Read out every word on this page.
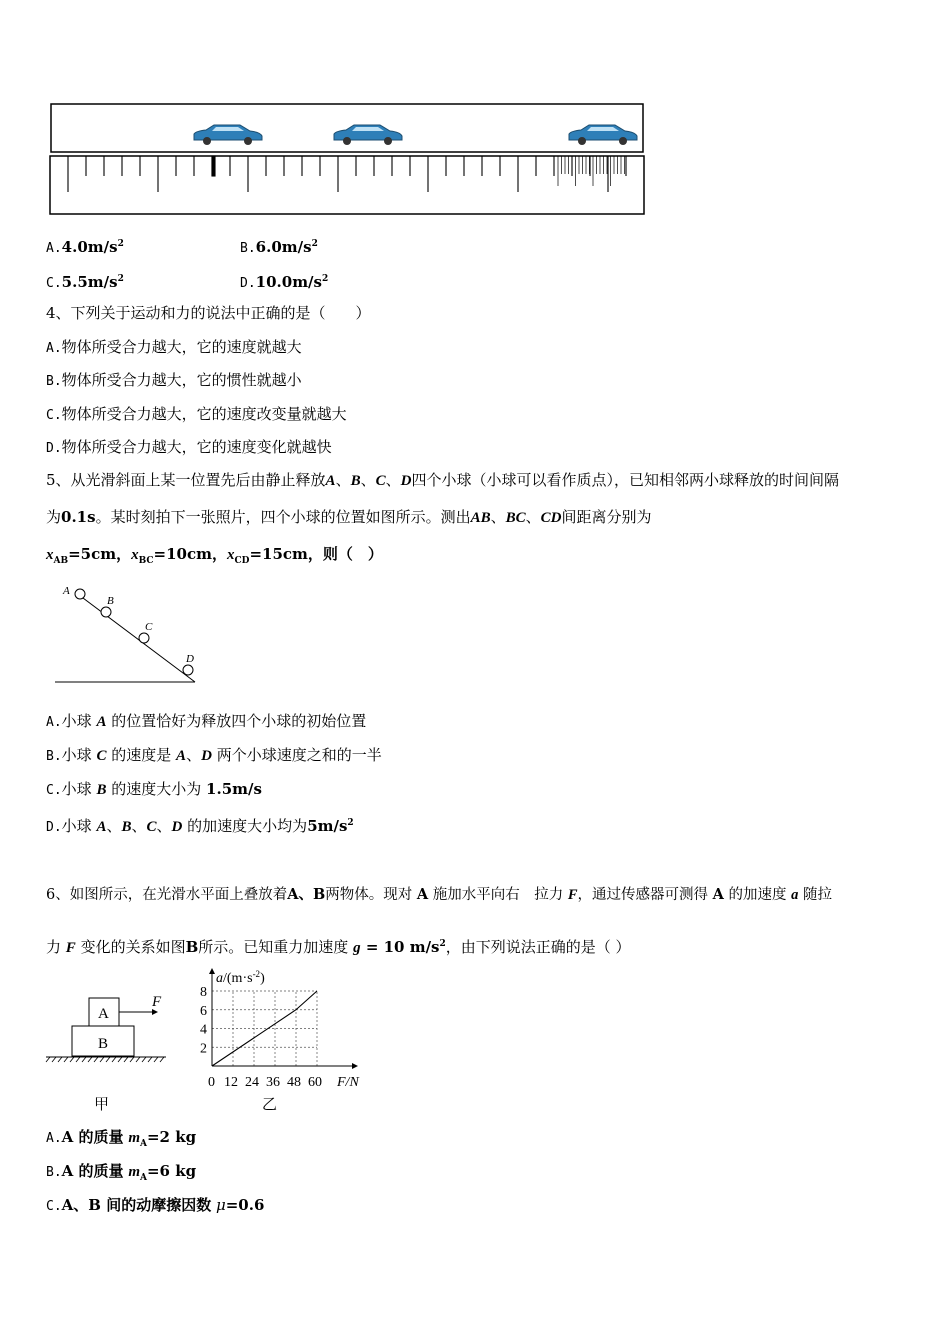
$A.4.0m/s^2$	$B.6.0m/s^2$
$C.5.5m/s^2$	$D.10.0m/s^2$
4、下列关于运动和力的说法中正确的是（　　）
A.物体所受合力越大，它的速度就越大
B.物体所受合力越大，它的惯性就越小
C.物体所受合力越大，它的速度改变量就越大
D.物体所受合力越大，它的速度变化就越快
5、从光滑斜面上某一位置先后由静止释放A、B、C、D四个小球（小球可以看作质点），已知相邻两小球释放的时间间隔
为0.1s。某时刻拍下一张照片，四个小球的位置如图所示。测出AB、BC、CD间距离分别为
$x_{AB}=5cm$，$x_{BC}=10cm$，$x_{CD}=15cm$，则（　）
A
B
C
D
A.小球 A 的位置恰好为释放四个小球的初始位置
B.小球 C 的速度是 A、D 两个小球速度之和的一半
C.小球 B 的速度大小为 1.5m/s
D.小球 A、B、C、D 的加速度大小均为$5m/s^2$
6、如图所示，在光滑水平面上叠放着A、B两物体。现对 A 施加水平向右　拉力 F，通过传感器可测得 A 的加速度 a 随拉
力 F 变化的关系如图B所示。已知重力加速度 g = 10 $m/s^2$，由下列说法正确的是（ ）
A
B
F
甲
2
4
6
8
0 12 24 36 48 60
$a/(m\cdot s^{-2})$
F/N
乙
A.A 的质量 $m_A=2$ kg
B.A 的质量 $m_A=6$ kg
C.A、B 间的动摩擦因数 μ=0.6
